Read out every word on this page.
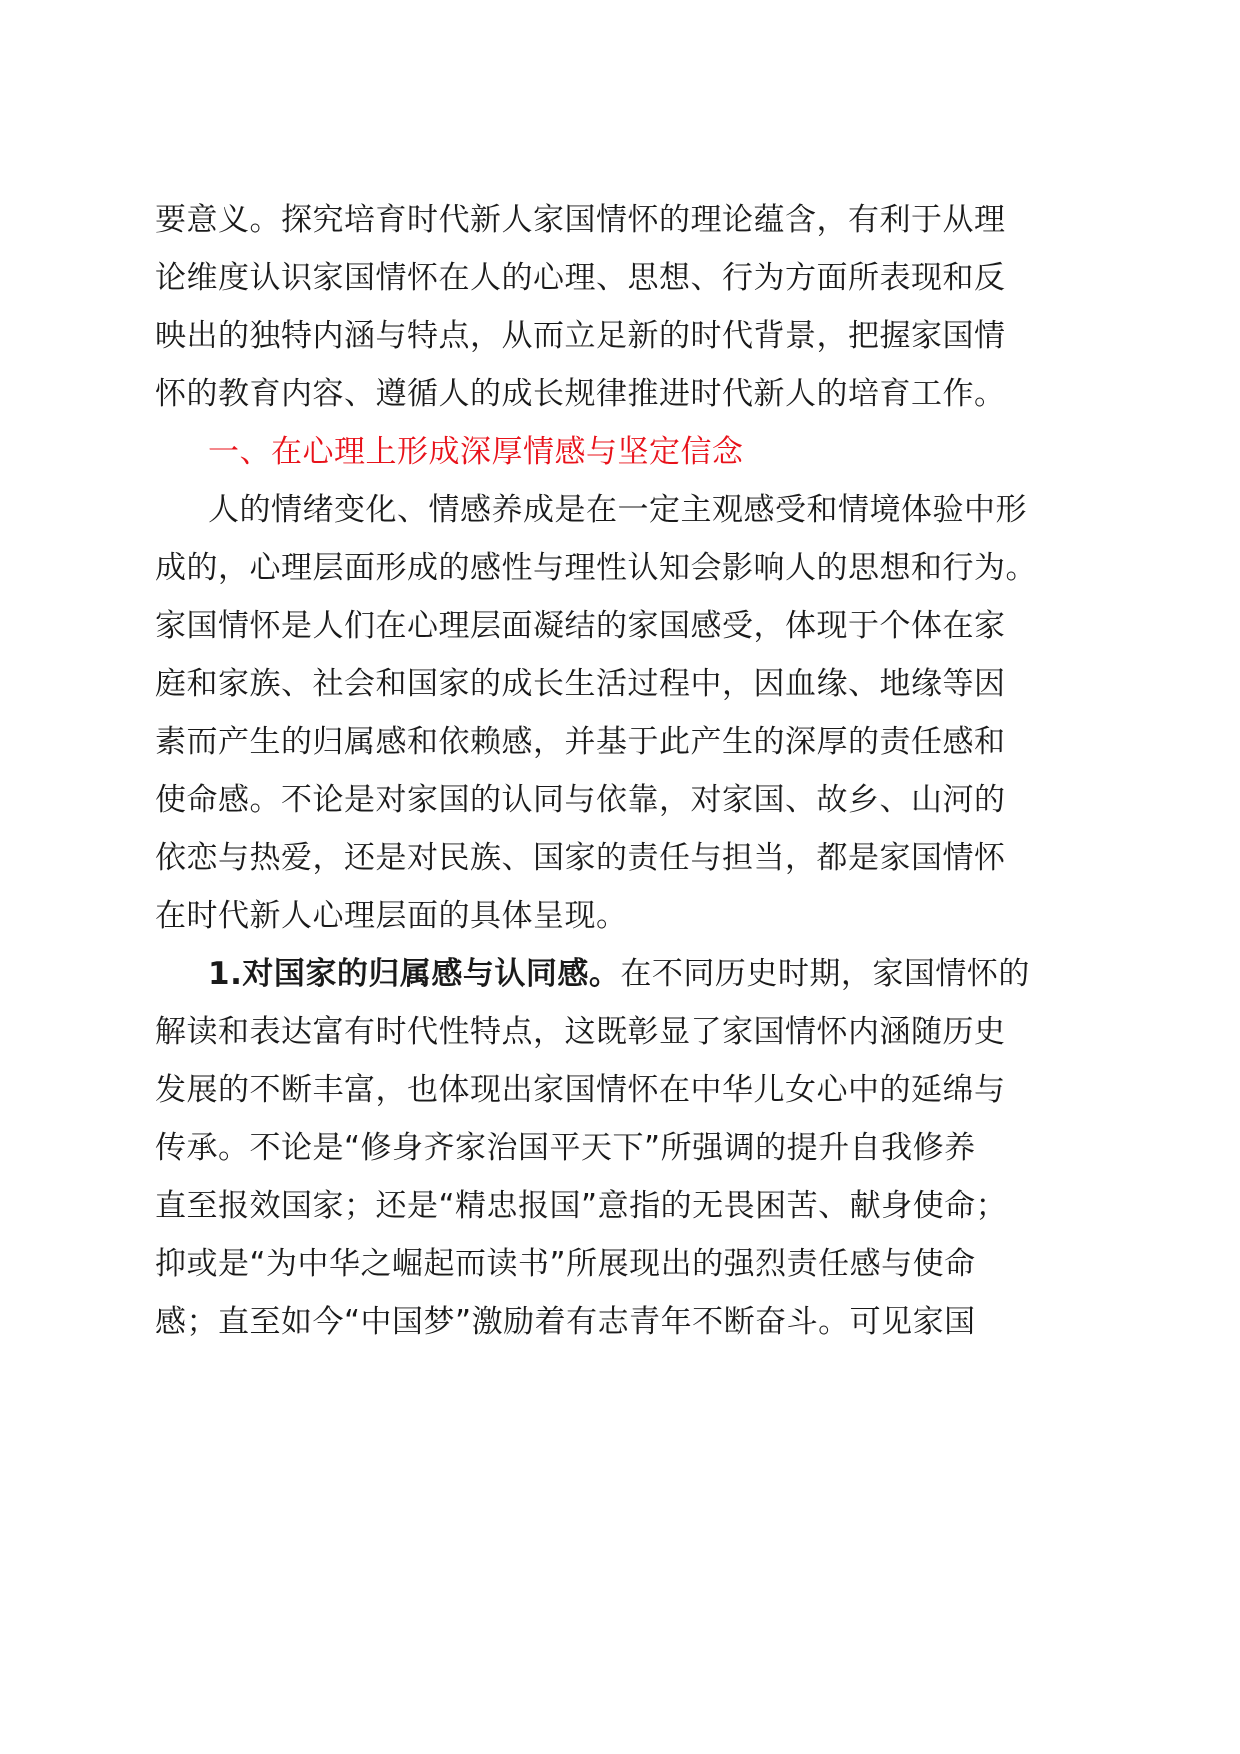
要意义。探究培育时代新人家国情怀的理论蕴含，有利于从理
论维度认识家国情怀在人的心理、思想、行为方面所表现和反
映出的独特内涵与特点，从而立足新的时代背景，把握家国情
怀的教育内容、遵循人的成长规律推进时代新人的培育工作。
一、在心理上形成深厚情感与坚定信念
人的情绪变化、情感养成是在一定主观感受和情境体验中形
成的，心理层面形成的感性与理性认知会影响人的思想和行为。
家国情怀是人们在心理层面凝结的家国感受，体现于个体在家
庭和家族、社会和国家的成长生活过程中，因血缘、地缘等因
素而产生的归属感和依赖感，并基于此产生的深厚的责任感和
使命感。不论是对家国的认同与依靠，对家国、故乡、山河的
依恋与热爱，还是对民族、国家的责任与担当，都是家国情怀
在时代新人心理层面的具体呈现。
1.对国家的归属感与认同感。在不同历史时期，家国情怀的
解读和表达富有时代性特点，这既彰显了家国情怀内涵随历史
发展的不断丰富，也体现出家国情怀在中华儿女心中的延绵与
传承。不论是“修身齐家治国平天下”所强调的提升自我修养
直至报效国家；还是“精忠报国”意指的无畏困苦、献身使命；
抑或是“为中华之崛起而读书”所展现出的强烈责任感与使命
感；直至如今“中国梦”激励着有志青年不断奋斗。可见家国
